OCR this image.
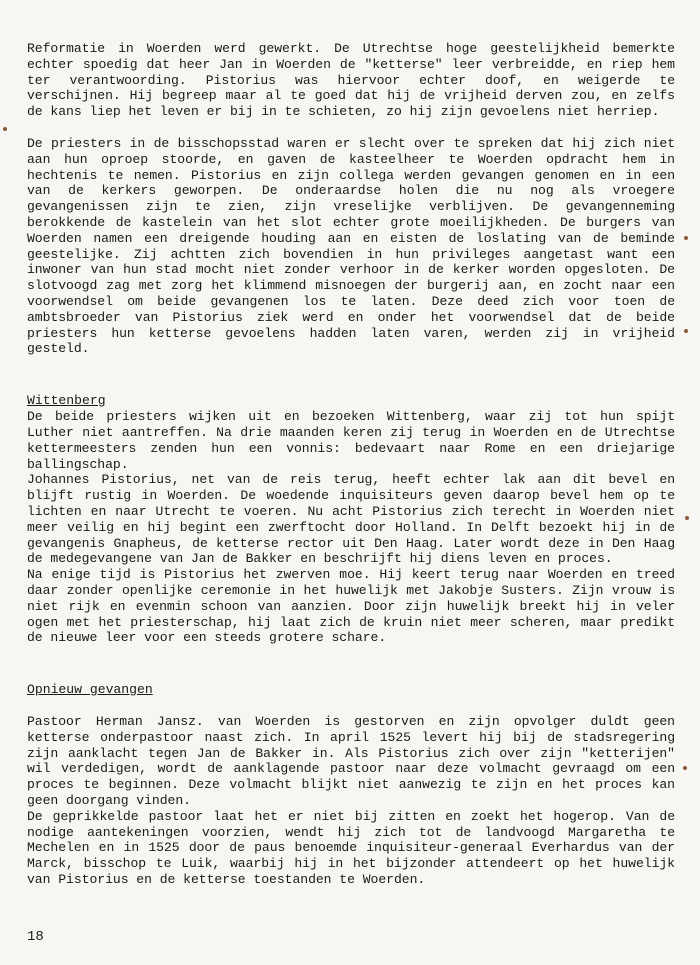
Reformatie in Woerden werd gewerkt. De Utrechtse hoge geestelijkheid bemerkte echter spoedig dat heer Jan in Woerden de "ketterse" leer verbreidde, en riep hem ter verantwoording. Pistorius was hiervoor echter doof, en weigerde te verschijnen. Hij begreep maar al te goed dat hij de vrijheid derven zou, en zelfs de kans liep het leven er bij in te schieten, zo hij zijn gevoelens niet herriep.

De priesters in de bisschopsstad waren er slecht over te spreken dat hij zich niet aan hun oproep stoorde, en gaven de kasteelheer te Woerden opdracht hem in hechtenis te nemen. Pistorius en zijn collega werden gevangen genomen en in een van de kerkers geworpen. De onderaardse holen die nu nog als vroegere gevangenissen zijn te zien, zijn vreselijke verblijven. De gevangenneming berokkende de kastelein van het slot echter grote moeilijkheden. De burgers van Woerden namen een dreigende houding aan en eisten de loslating van de beminde geestelijke. Zij achtten zich bovendien in hun privileges aangetast want een inwoner van hun stad mocht niet zonder verhoor in de kerker worden opgesloten. De slotvoogd zag met zorg het klimmend misnoegen der burgerij aan, en zocht naar een voorwendsel om beide gevangenen los te laten. Deze deed zich voor toen de ambtsbroeder van Pistorius ziek werd en onder het voorwendsel dat de beide priesters hun ketterse gevoelens hadden laten varen, werden zij in vrijheid gesteld.

Wittenberg

De beide priesters wijken uit en bezoeken Wittenberg, waar zij tot hun spijt Luther niet aantreffen. Na drie maanden keren zij terug in Woerden en de Utrechtse kettermeesters zenden hun een vonnis: bedevaart naar Rome en een driejarige ballingschap.

Johannes Pistorius, net van de reis terug, heeft echter lak aan dit bevel en blijft rustig in Woerden. De woedende inquisiteurs geven daarop bevel hem op te lichten en naar Utrecht te voeren. Nu acht Pistorius zich terecht in Woerden niet meer veilig en hij begint een zwerftocht door Holland. In Delft bezoekt hij in de gevangenis Gnapheus, de ketterse rector uit Den Haag. Later wordt deze in Den Haag de medegevangene van Jan de Bakker en beschrijft hij diens leven en proces.

Na enige tijd is Pistorius het zwerven moe. Hij keert terug naar Woerden en treed daar zonder openlijke ceremonie in het huwelijk met Jakobje Susters. Zijn vrouw is niet rijk en evenmin schoon van aanzien. Door zijn huwelijk breekt hij in veler ogen met het priesterschap, hij laat zich de kruin niet meer scheren, maar predikt de nieuwe leer voor een steeds grotere schare.

Opnieuw gevangen

Pastoor Herman Jansz. van Woerden is gestorven en zijn opvolger duldt geen ketterse onderpastoor naast zich. In april 1525 levert hij bij de stadsregering zijn aanklacht tegen Jan de Bakker in. Als Pistorius zich over zijn "ketterijen" wil verdedigen, wordt de aanklagende pastoor naar deze volmacht gevraagd om een proces te beginnen. Deze volmacht blijkt niet aanwezig te zijn en het proces kan geen doorgang vinden.

De geprikkelde pastoor laat het er niet bij zitten en zoekt het hogerop. Van de nodige aantekeningen voorzien, wendt hij zich tot de landvoogd Margaretha te Mechelen en in 1525 door de paus benoemde inquisiteur-generaal Everhardus van der Marck, bisschop te Luik, waarbij hij in het bijzonder attendeert op het huwelijk van Pistorius en de ketterse toestanden te Woerden.

18
